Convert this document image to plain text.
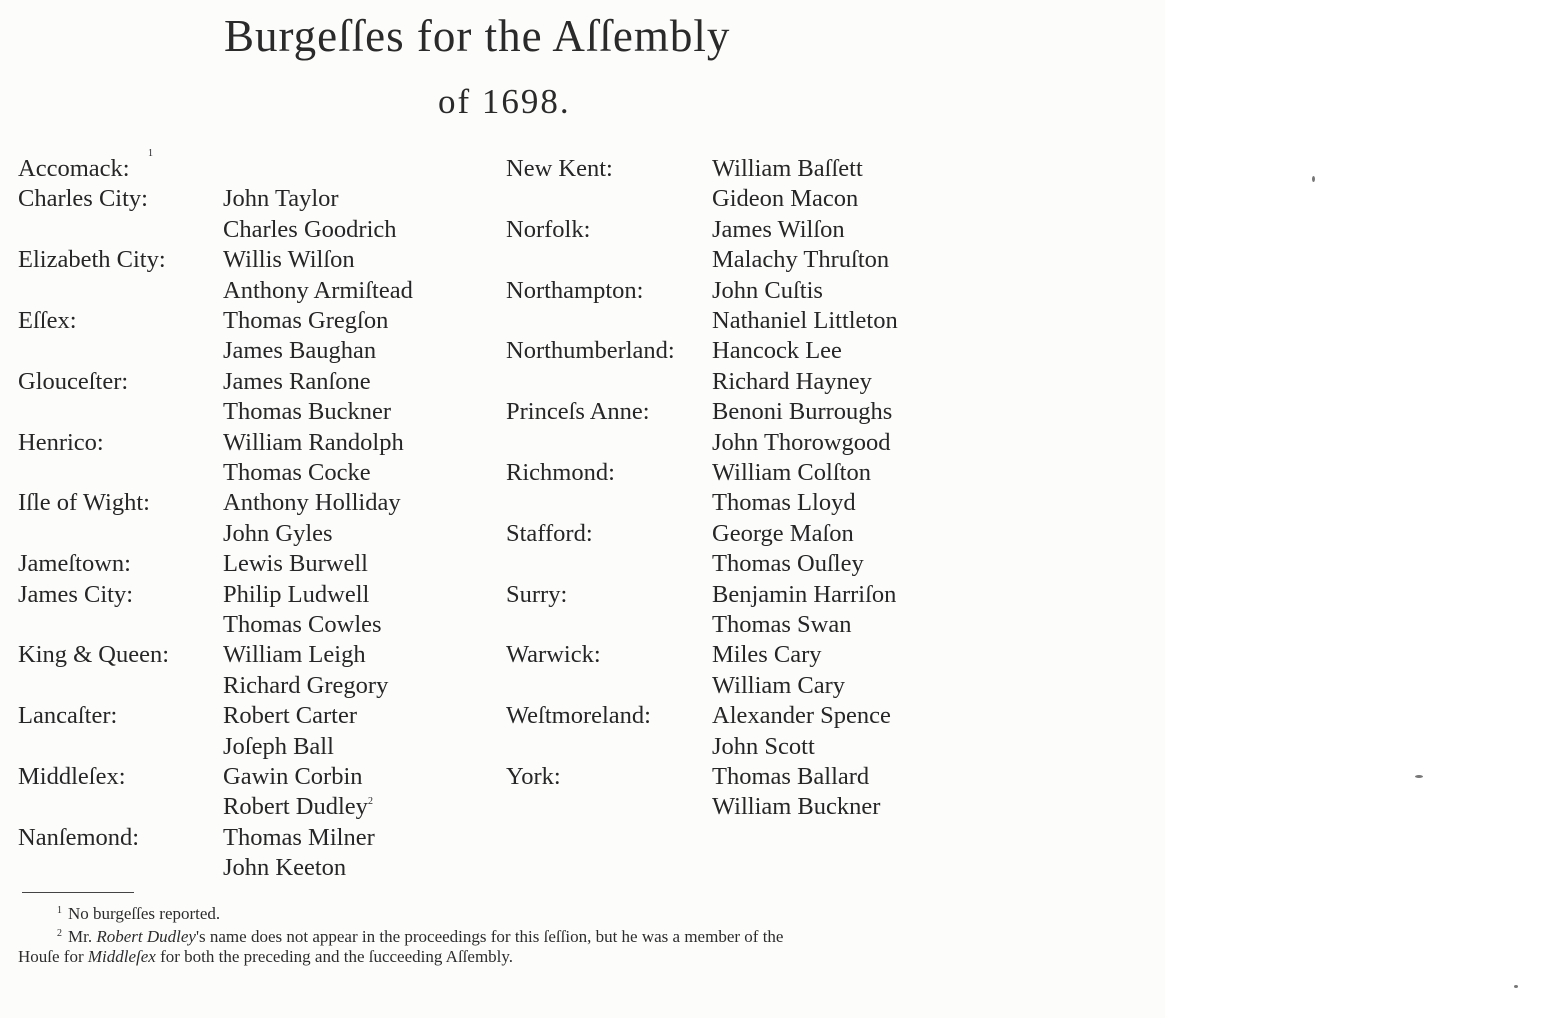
Burgeſſes for the Aſſembly
of 1698.
Accomack:
1
Charles City:	John Taylor
Charles Goodrich
Elizabeth City: Willis Wilſon
Anthony Armiſtead
Eſſex:	Thomas Gregſon
James Baughan
Glouceſter:	James Ranſone
Thomas Buckner
Henrico:	William Randolph
Thomas Cocke
Iſle of Wight:	Anthony Holliday
John Gyles
Jameſtown:	Lewis Burwell
James City:	Philip Ludwell
Thomas Cowles
King & Queen: William Leigh
Richard Gregory
Lancaſter:	Robert Carter
Joſeph Ball
Middleſex:	Gawin Corbin
Robert Dudley$^2$
Nanſemond:	Thomas Milner
John Keeton
New Kent:	William Baſſett
Gideon Macon
Norfolk:	James Wilſon
Malachy Thruſton
Northampton:	John Cuſtis
Nathaniel Littleton
Northumberland: Hancock Lee
Richard Hayney
Princeſs Anne:	Benoni Burroughs
John Thorowgood
Richmond:	William Colſton
Thomas Lloyd
Stafford:	George Maſon
Thomas Ouſley
Surry:	Benjamin Harriſon
Thomas Swan
Warwick:	Miles Cary
William Cary
Weſtmoreland: Alexander Spence
John Scott
York:	Thomas Ballard
William Buckner
$^1$ No burgeſſes reported.
$^2$ Mr. Robert Dudley's name does not appear in the proceedings for this ſeſſion, but he was a member of the
Houſe for Middleſex for both the preceding and the ſucceeding Aſſembly.
